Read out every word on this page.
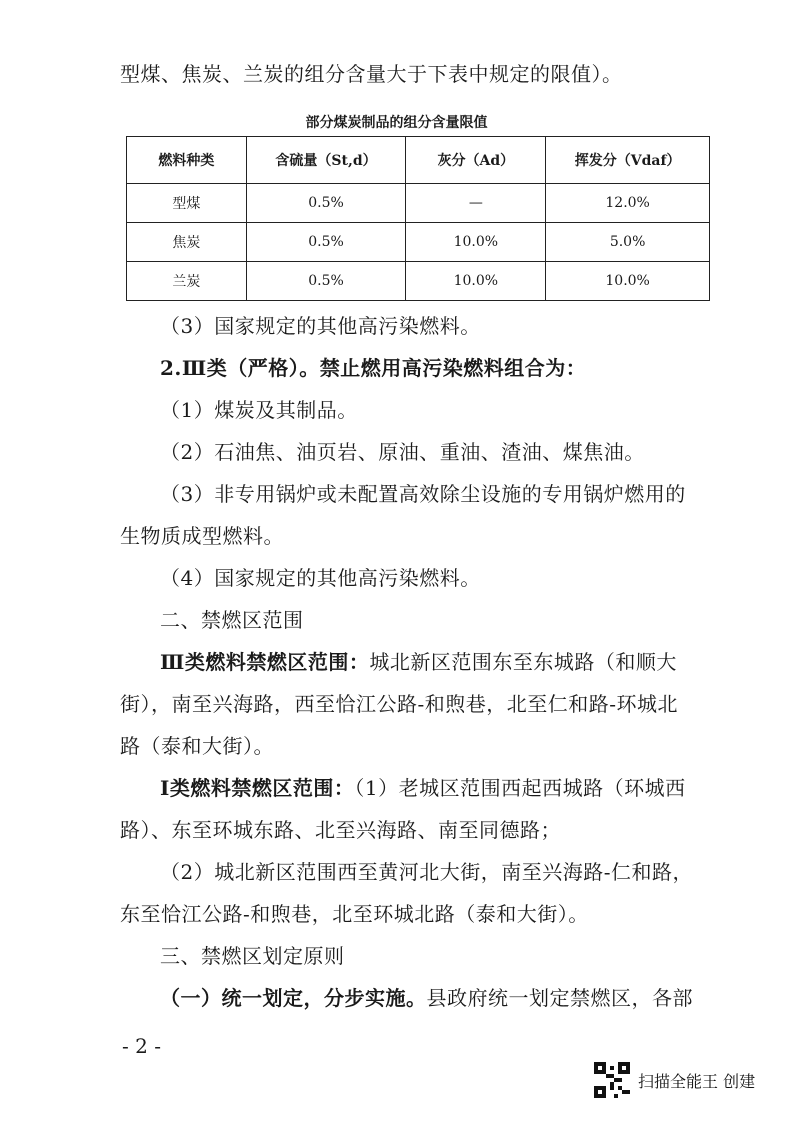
型煤、焦炭、兰炭的组分含量大于下表中规定的限值）。
部分煤炭制品的组分含量限值
燃料种类	含硫量（St,d）	灰分（Ad）	挥发分（Vdaf）
型煤	0.5%	—	12.0%
焦炭	0.5%	10.0%	5.0%
兰炭	0.5%	10.0%	10.0%
（3）国家规定的其他高污染燃料。
2.Ⅲ类（严格）。禁止燃用高污染燃料组合为：
（1）煤炭及其制品。
（2）石油焦、油页岩、原油、重油、渣油、煤焦油。
（3）非专用锅炉或未配置高效除尘设施的专用锅炉燃用的
生物质成型燃料。
（4）国家规定的其他高污染燃料。
二、禁燃区范围
Ⅲ类燃料禁燃区范围：城北新区范围东至东城路（和顺大
街），南至兴海路，西至恰江公路-和煦巷，北至仁和路-环城北
路（泰和大街）。
Ⅰ类燃料禁燃区范围：（1）老城区范围西起西城路（环城西
路）、东至环城东路、北至兴海路、南至同德路；
（2）城北新区范围西至黄河北大街，南至兴海路-仁和路，
东至恰江公路-和煦巷，北至环城北路（泰和大街）。
三、禁燃区划定原则
（一）统一划定，分步实施。县政府统一划定禁燃区，各部
- 2 -
扫描全能王 创建
